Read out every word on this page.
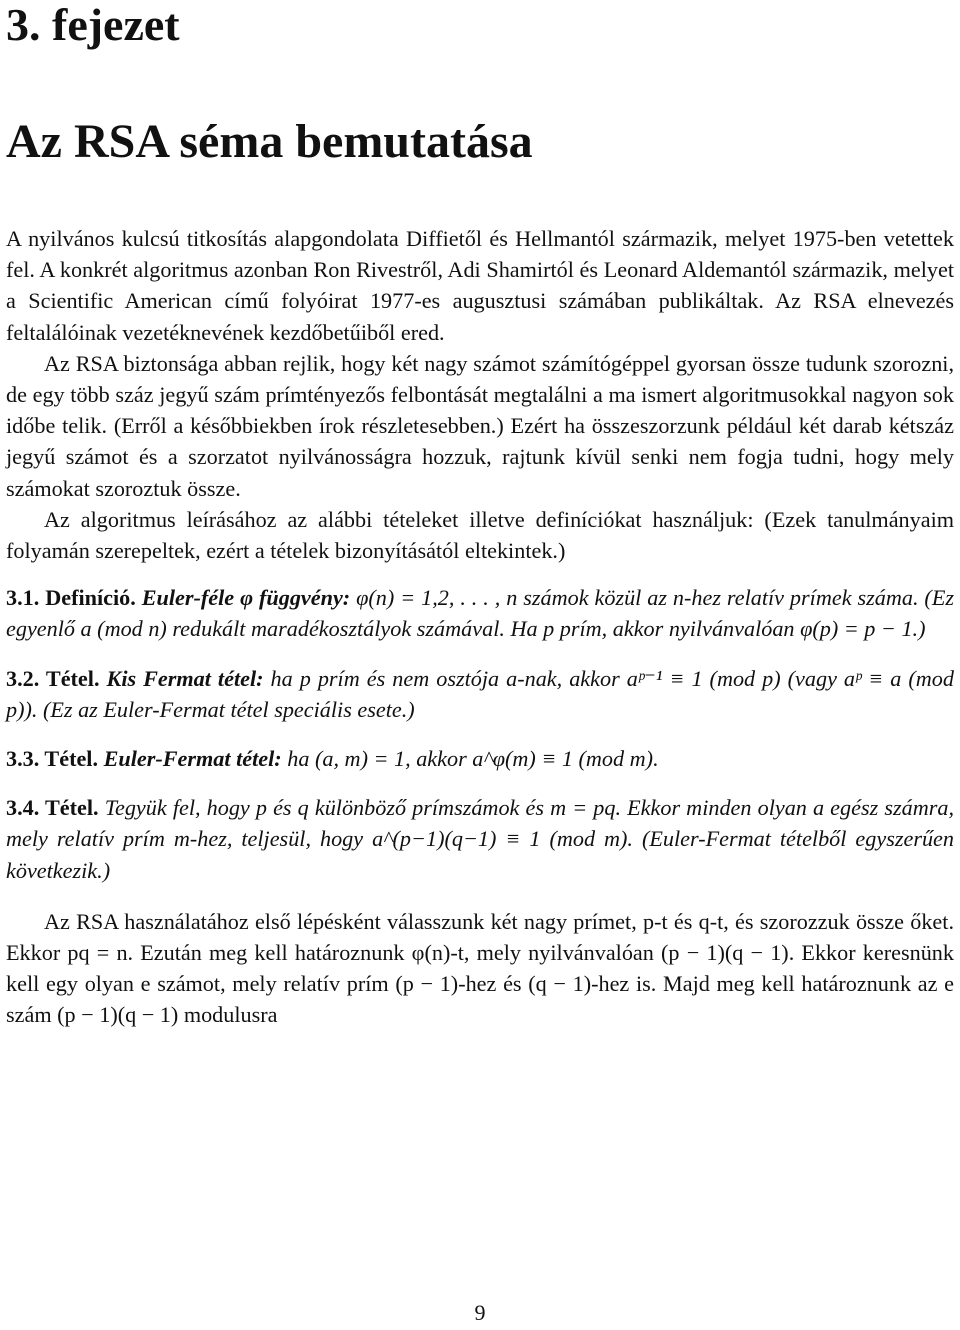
3. fejezet
Az RSA séma bemutatása

A nyilvános kulcsú titkosítás alapgondolata Diffietől és Hellmantól származik, melyet 1975-ben vetettek fel. A konkrét algoritmus azonban Ron Rivestről, Adi Shamirtól és Leonard Aldemantól származik, melyet a Scientific American című folyóirat 1977-es augusztusi számában publikáltak. Az RSA elnevezés feltalálóinak vezetéknevének kezdőbetűiből ered.

Az RSA biztonsága abban rejlik, hogy két nagy számot számítógéppel gyorsan össze tudunk szorozni, de egy több száz jegyű szám prímtényezős felbontását megtalálni a ma ismert algoritmusokkal nagyon sok időbe telik. (Erről a későbbiekben írok részletesebben.) Ezért ha összeszorzunk például két darab kétszáz jegyű számot és a szorzatot nyilvánosságra hozzuk, rajtunk kívül senki nem fogja tudni, hogy mely számokat szoroztuk össze.

Az algoritmus leírásához az alábbi tételeket illetve definíciókat használjuk: (Ezek tanulmányaim folyamán szerepeltek, ezért a tételek bizonyításától eltekintek.)

3.1. Definíció. Euler-féle φ függvény: φ(n) = 1,2, . . . , n számok közül az n-hez relatív prímek száma. (Ez egyenlő a (mod n) redukált maradékosztályok számával. Ha p prím, akkor nyilvánvalóan φ(p) = p − 1.)

3.2. Tétel. Kis Fermat tétel: ha p prím és nem osztója a-nak, akkor aᵖ⁻¹ ≡ 1 (mod p) (vagy aᵖ ≡ a (mod p)). (Ez az Euler-Fermat tétel speciális esete.)

3.3. Tétel. Euler-Fermat tétel: ha (a, m) = 1, akkor a^φ(m) ≡ 1 (mod m).

3.4. Tétel. Tegyük fel, hogy p és q különböző prímszámok és m = pq. Ekkor minden olyan a egész számra, mely relatív prím m-hez, teljesül, hogy a^(p−1)(q−1) ≡ 1 (mod m). (Euler-Fermat tételből egyszerűen következik.)

Az RSA használatához első lépésként válasszunk két nagy prímet, p-t és q-t, és szorozzuk össze őket. Ekkor pq = n. Ezután meg kell határoznunk φ(n)-t, mely nyilvánvalóan (p − 1)(q − 1). Ekkor keresnünk kell egy olyan e számot, mely relatív prím (p − 1)-hez és (q − 1)-hez is. Majd meg kell határoznunk az e szám (p − 1)(q − 1) modulusra

9
